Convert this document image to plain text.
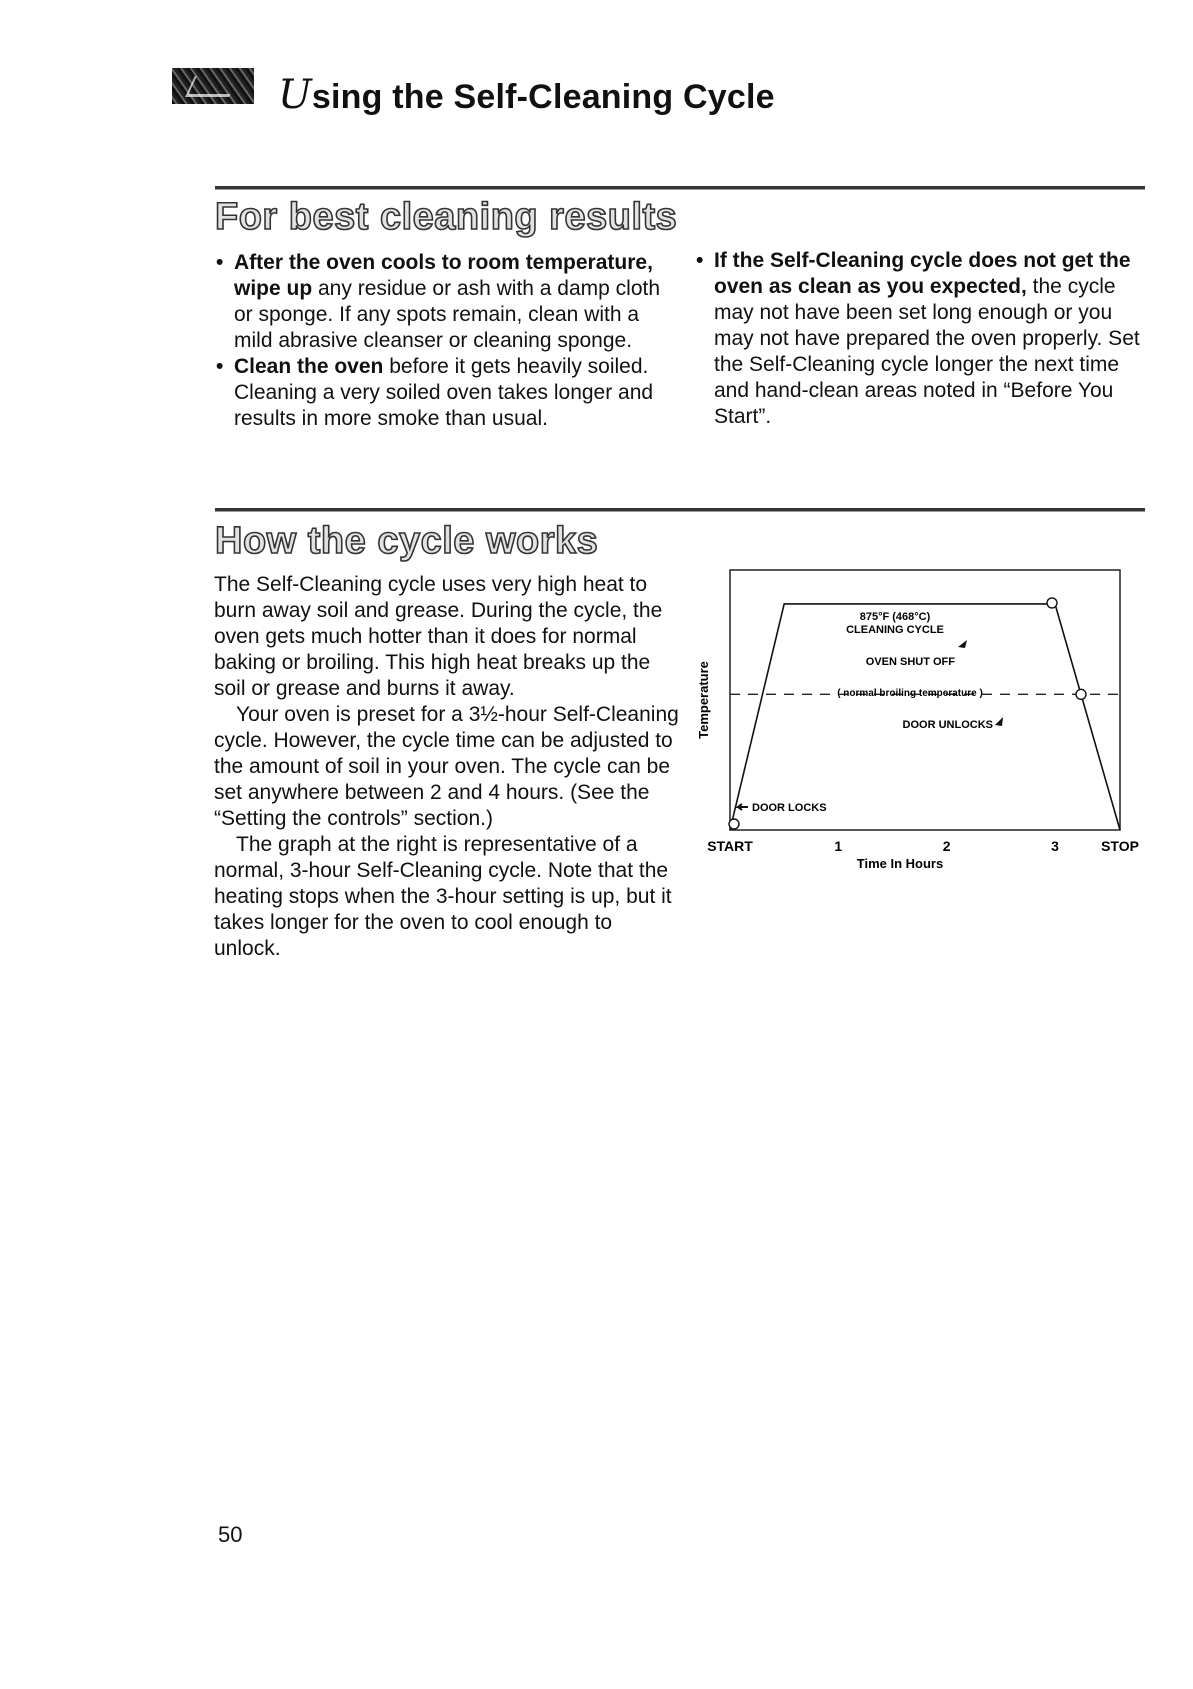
Using the Self-Cleaning Cycle
For best cleaning results

• After the oven cools to room temperature, wipe up any residue or ash with a damp cloth or sponge. If any spots remain, clean with a mild abrasive cleanser or cleaning sponge.

• Clean the oven before it gets heavily soiled. Cleaning a very soiled oven takes longer and results in more smoke than usual.

• If the Self-Cleaning cycle does not get the oven as clean as you expected, the cycle may not have been set long enough or you may not have prepared the oven properly. Set the Self-Cleaning cycle longer the next time and hand-clean areas noted in “Before You Start”.

How the cycle works

The Self-Cleaning cycle uses very high heat to burn away soil and grease. During the cycle, the oven gets much hotter than it does for normal baking or broiling. This high heat breaks up the soil or grease and burns it away.

Your oven is preset for a 3½-hour Self-Cleaning cycle. However, the cycle time can be adjusted to the amount of soil in your oven. The cycle can be set anywhere between 2 and 4 hours. (See the “Setting the controls” section.)

The graph at the right is representative of a normal, 3-hour Self-Cleaning cycle. Note that the heating stops when the 3-hour setting is up, but it takes longer for the oven to cool enough to unlock.

875°F (468°C)
CLEANING CYCLE
OVEN SHUT OFF
( normal broiling temperature )
DOOR UNLOCKS
DOOR LOCKS
Temperature
START	1	2	3	STOP
Time In Hours
50
